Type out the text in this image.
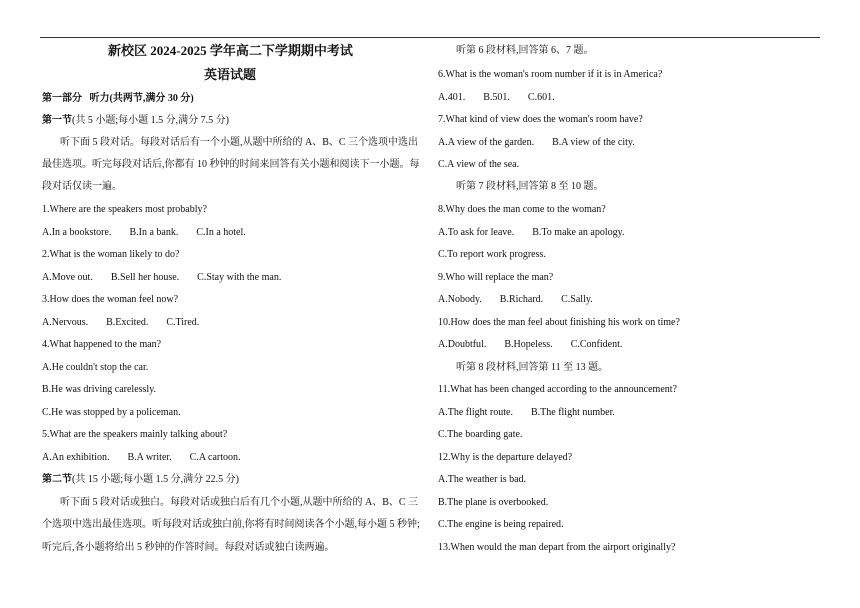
新校区 2024-2025 学年高二下学期期中考试
英语试题
第一部分 听力(共两节,满分 30 分)
第一节(共 5 小题;每小题 1.5 分,满分 7.5 分)
听下面 5 段对话。每段对话后有一个小题,从题中所给的 A、B、C 三个选项中选出
最佳选项。听完每段对话后,你都有 10 秒钟的时间来回答有关小题和阅读下一小题。每
段对话仅读一遍。
1.Where are the speakers most probably?
A.In a bookstore. B.In a bank. C.In a hotel.
2.What is the woman likely to do?
A.Move out. B.Sell her house. C.Stay with the man.
3.How does the woman feel now?
A.Nervous. B.Excited. C.Tired.
4.What happened to the man?
A.He couldn't stop the car.
B.He was driving carelessly.
C.He was stopped by a policeman.
5.What are the speakers mainly talking about?
A.An exhibition. B.A writer. C.A cartoon.
第二节(共 15 小题;每小题 1.5 分,满分 22.5 分)
听下面 5 段对话或独白。每段对话或独白后有几个小题,从题中所给的 A、B、C 三
个选项中选出最佳选项。听每段对话或独白前,你将有时间阅读各个小题,每小题 5 秒钟;
听完后,各小题将给出 5 秒钟的作答时间。每段对话或独白读两遍。
听第 6 段材料,回答第 6、7 题。
6.What is the woman's room number if it is in America?
A.401. B.501. C.601.
7.What kind of view does the woman's room have?
A.A view of the garden. B.A view of the city.
C.A view of the sea.
听第 7 段材料,回答第 8 至 10 题。
8.Why does the man come to the woman?
A.To ask for leave. B.To make an apology.
C.To report work progress.
9.Who will replace the man?
A.Nobody. B.Richard. C.Sally.
10.How does the man feel about finishing his work on time?
A.Doubtful. B.Hopeless. C.Confident.
听第 8 段材料,回答第 11 至 13 题。
11.What has been changed according to the announcement?
A.The flight route. B.The flight number.
C.The boarding gate.
12.Why is the departure delayed?
A.The weather is bad.
B.The plane is overbooked.
C.The engine is being repaired.
13.When would the man depart from the airport originally?
